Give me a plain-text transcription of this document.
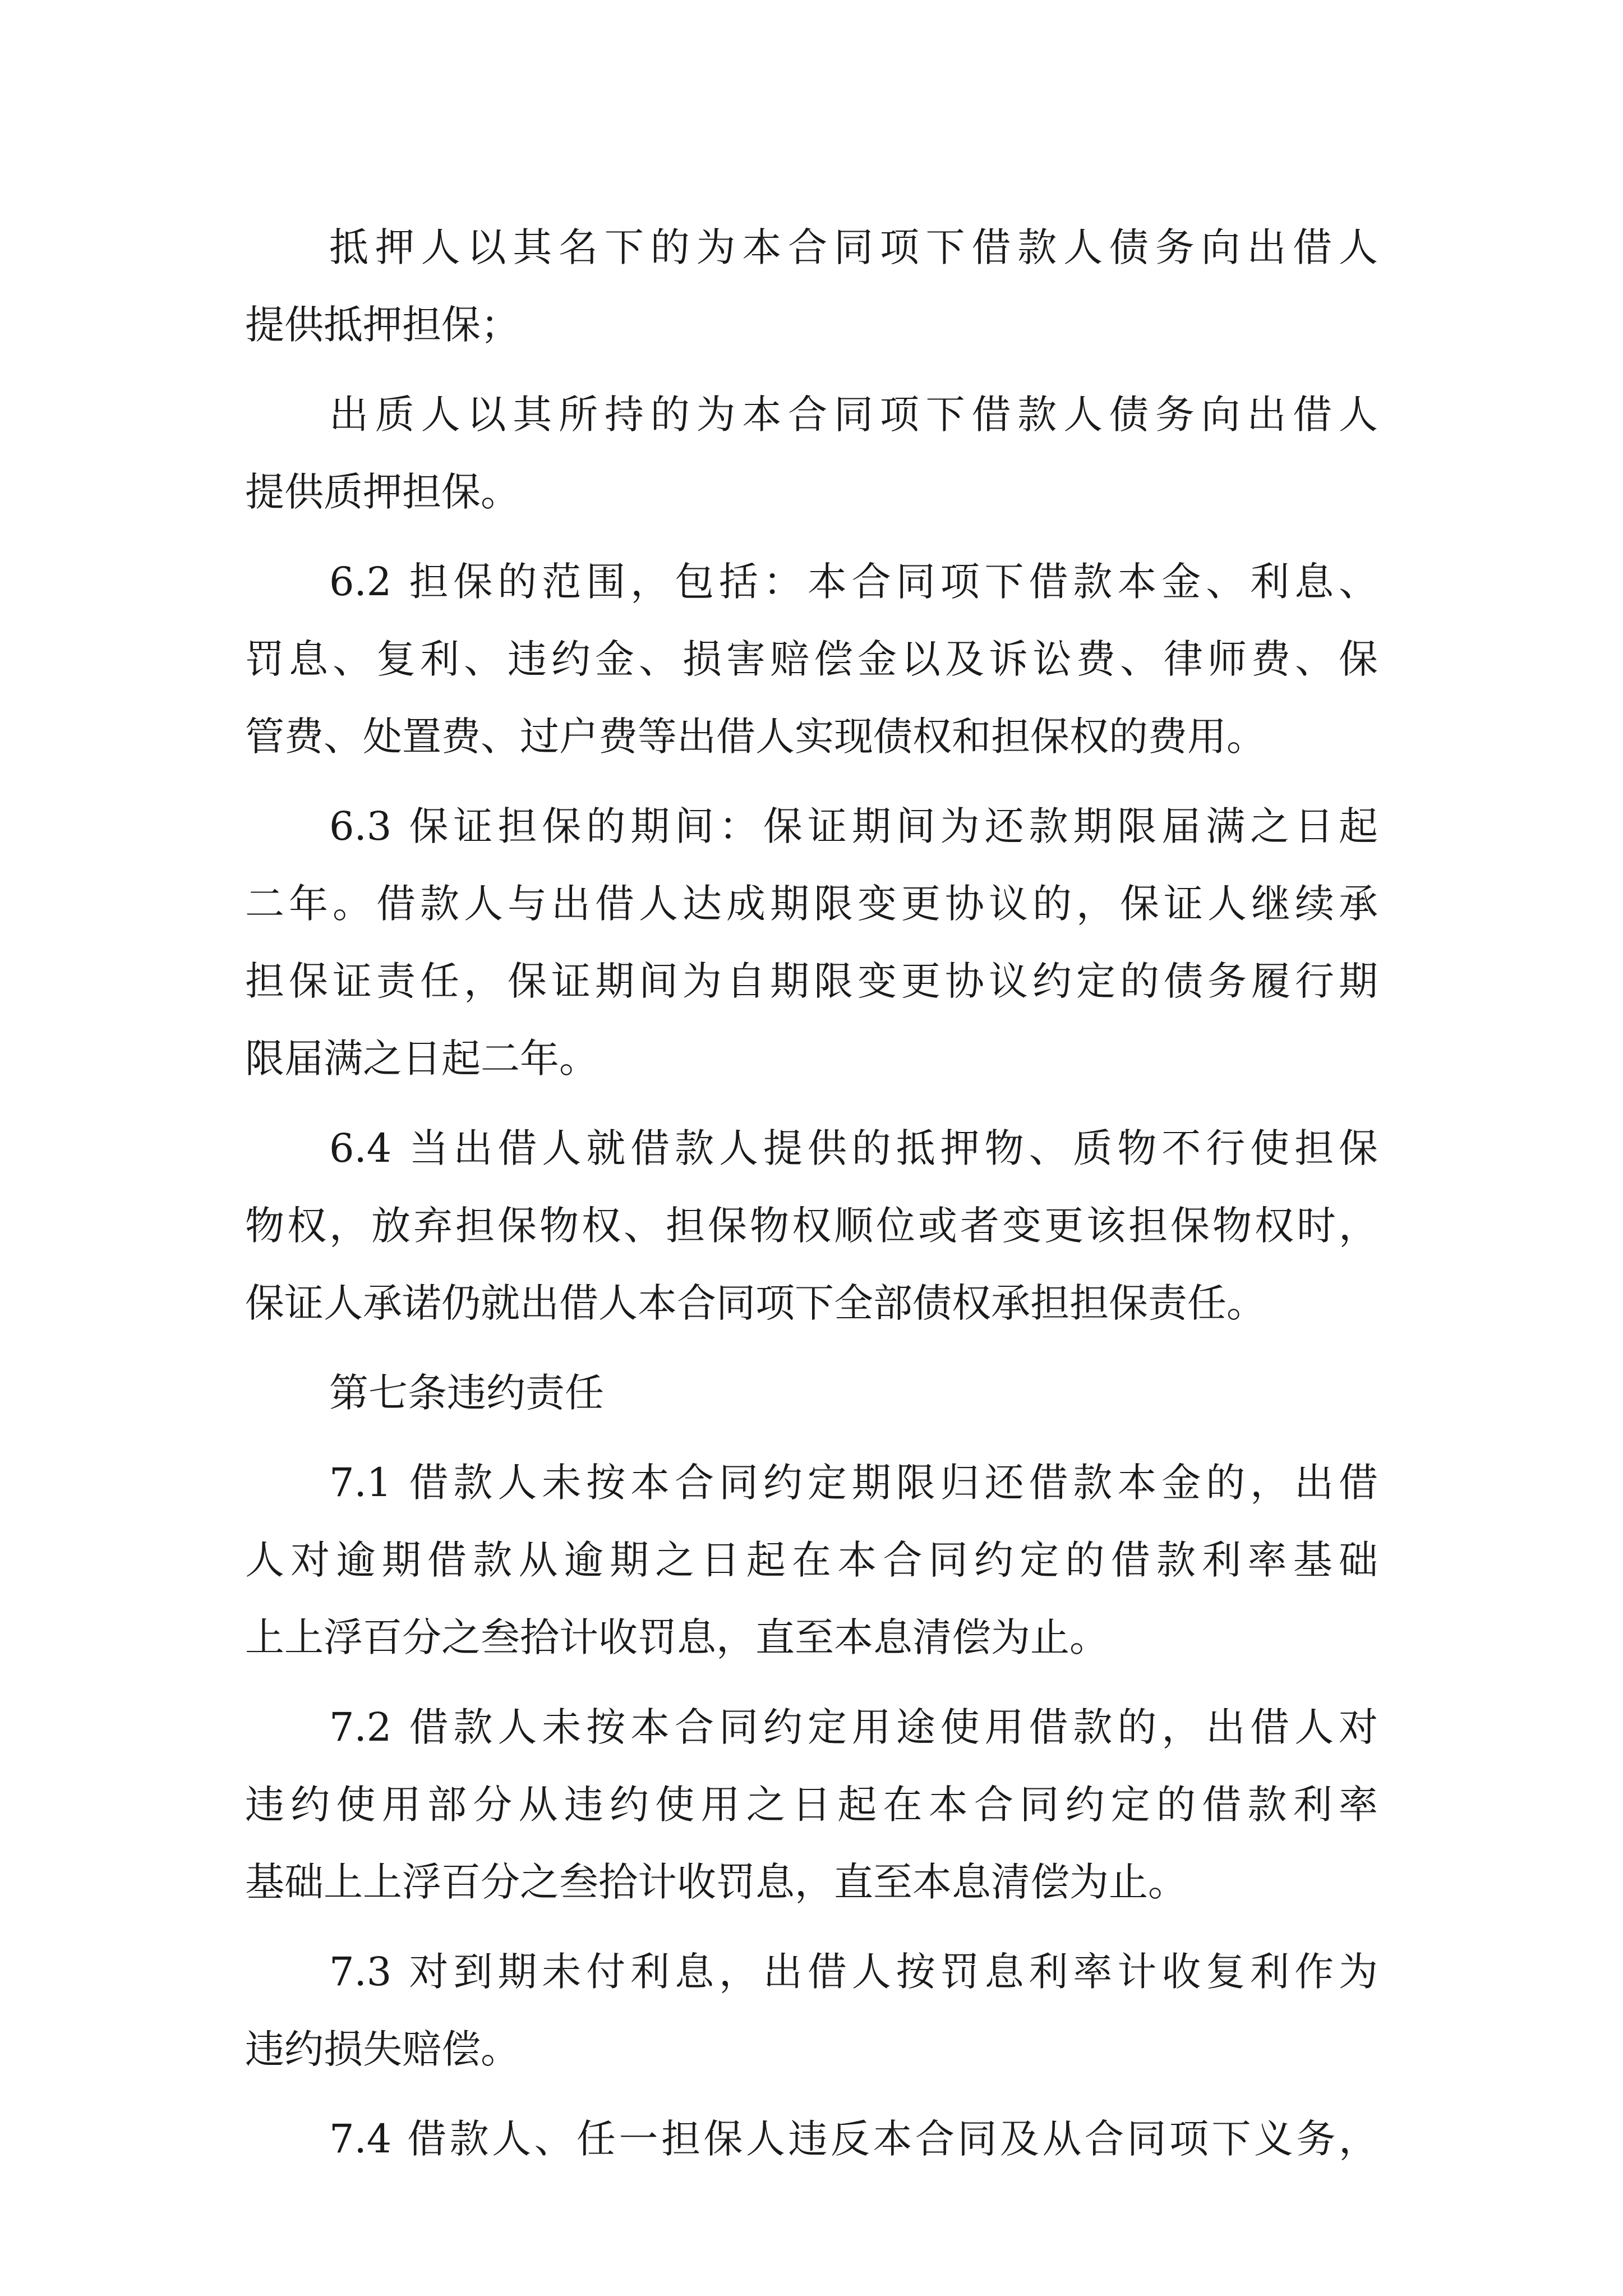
抵押人以其名下的为本合同项下借款人债务向出借人
提供抵押担保；

出质人以其所持的为本合同项下借款人债务向出借人
提供质押担保。

6.2 担保的范围，包括：本合同项下借款本金、利息、
罚息、复利、违约金、损害赔偿金以及诉讼费、律师费、保
管费、处置费、过户费等出借人实现债权和担保权的费用。

6.3 保证担保的期间：保证期间为还款期限届满之日起
二年。借款人与出借人达成期限变更协议的，保证人继续承
担保证责任，保证期间为自期限变更协议约定的债务履行期
限届满之日起二年。

6.4 当出借人就借款人提供的抵押物、质物不行使担保
物权，放弃担保物权、担保物权顺位或者变更该担保物权时，
保证人承诺仍就出借人本合同项下全部债权承担担保责任。

第七条违约责任

7.1 借款人未按本合同约定期限归还借款本金的，出借
人对逾期借款从逾期之日起在本合同约定的借款利率基础
上上浮百分之叁拾计收罚息，直至本息清偿为止。

7.2 借款人未按本合同约定用途使用借款的，出借人对
违约使用部分从违约使用之日起在本合同约定的借款利率
基础上上浮百分之叁拾计收罚息，直至本息清偿为止。

7.3 对到期未付利息，出借人按罚息利率计收复利作为
违约损失赔偿。

7.4 借款人、任一担保人违反本合同及从合同项下义务，
